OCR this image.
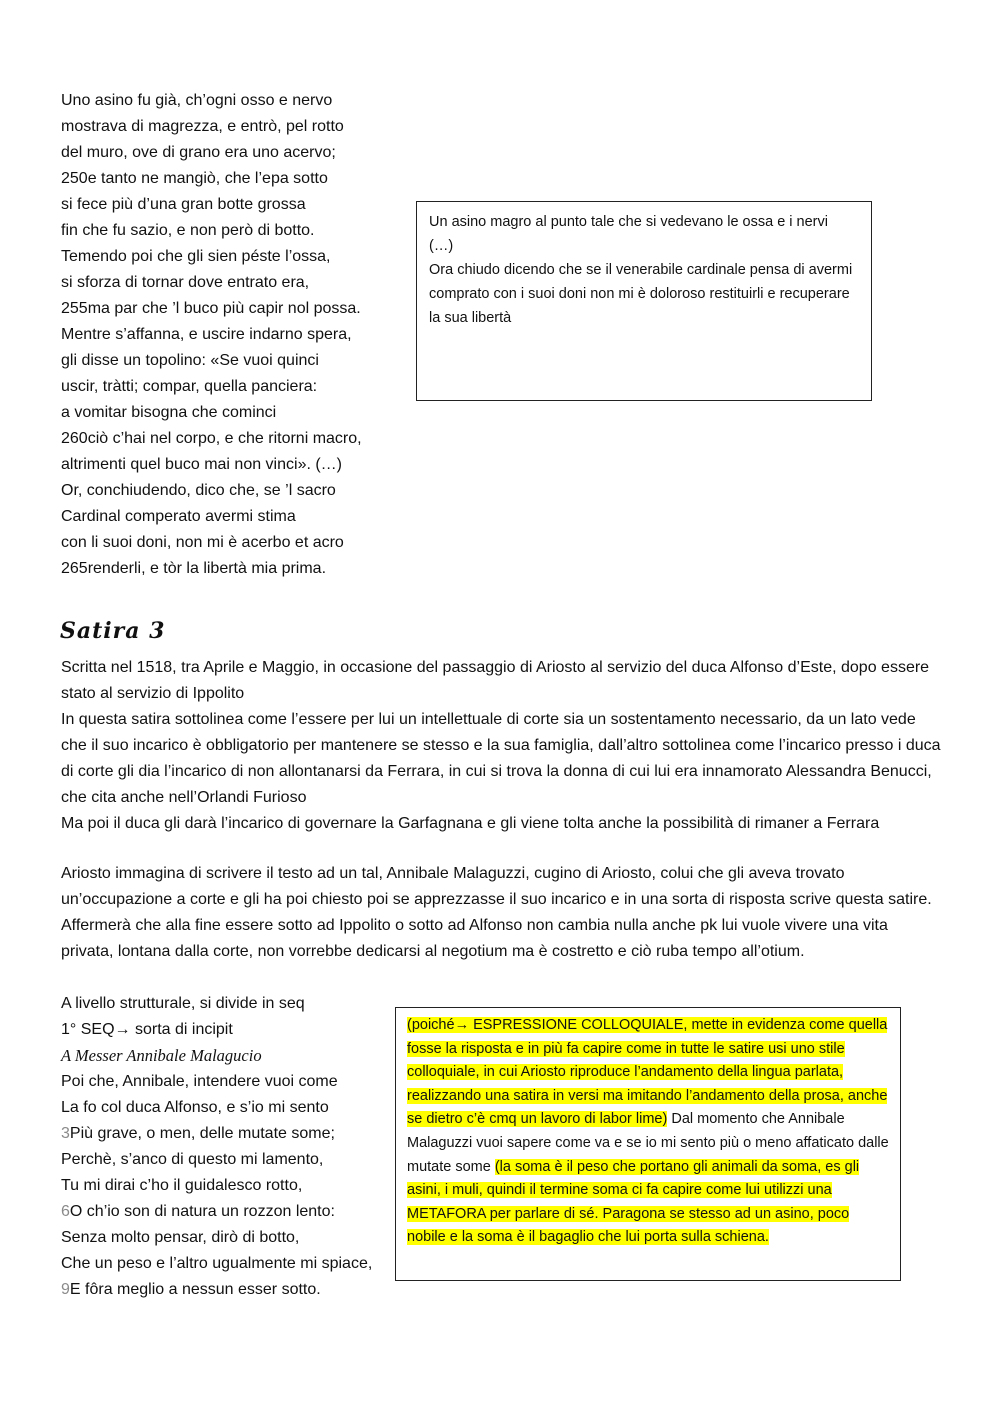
Uno asino fu già, ch’ogni osso e nervo
mostrava di magrezza, e entrò, pel rotto
del muro, ove di grano era uno acervo;
250e tanto ne mangiò, che l’epa sotto
si fece più d’una gran botte grossa
fin che fu sazio, e non però di botto.
Temendo poi che gli sien péste l’ossa,
si sforza di tornar dove entrato era,
255ma par che ’l buco più capir nol possa.
Mentre s’affanna, e uscire indarno spera,
gli disse un topolino: «Se vuoi quinci
uscir, tràtti; compar, quella panciera:
a vomitar bisogna che cominci
260ciò c’hai nel corpo, e che ritorni macro,
altrimenti quel buco mai non vinci». (…)
Or, conchiudendo, dico che, se ’l sacro
Cardinal comperato avermi stima
con li suoi doni, non mi è acerbo et acro
265renderli, e tòr la libertà mia prima.
Un asino magro al punto tale che si vedevano le ossa e i nervi
(…)
Ora chiudo dicendo che se il venerabile cardinale pensa di avermi comprato con i suoi doni non mi è doloroso restituirli e recuperare la sua libertà
Satira 3
Scritta nel 1518, tra Aprile e Maggio, in occasione del passaggio di Ariosto al servizio del duca Alfonso d’Este, dopo essere stato al servizio di Ippolito
In questa satira sottolinea come l’essere per lui un intellettuale di corte sia un sostentamento necessario, da un lato vede che il suo incarico è obbligatorio per mantenere se stesso e la sua famiglia, dall’altro sottolinea come l’incarico presso i duca di corte gli dia l’incarico di non allontanarsi da Ferrara, in cui si trova la donna di cui lui era innamorato Alessandra Benucci, che cita anche nell’Orlandi Furioso
Ma poi il duca gli darà l’incarico di governare la Garfagnana e gli viene tolta anche la possibilità di rimaner a Ferrara
Ariosto immagina di scrivere il testo ad un tal, Annibale Malaguzzi, cugino di Ariosto, colui che gli aveva trovato un’occupazione a corte e gli ha poi chiesto poi se apprezzasse il suo incarico e in una sorta di risposta scrive questa satire. Affermerà che alla fine essere sotto ad Ippolito o sotto ad Alfonso non cambia nulla anche pk lui vuole vivere una vita privata, lontana dalla corte, non vorrebbe dedicarsi al negotium ma è costretto e ciò ruba tempo all’otium.
A livello strutturale, si divide in seq
1° SEQ→ sorta di incipit
A Messer Annibale Malagucio
Poi che, Annibale, intendere vuoi come
La fo col duca Alfonso, e s’io mi sento
3Più grave, o men, delle mutate some;
Perchè, s’anco di questo mi lamento,
Tu mi dirai c’ho il guidalesco rotto,
6O ch’io son di natura un rozzon lento:
Senza molto pensar, dirò di botto,
Che un peso e l’altro ugualmente mi spiace,
9E fôra meglio a nessun esser sotto.
(poiché→ ESPRESSIONE COLLOQUIALE, mette in evidenza come quella fosse la risposta e in più fa capire come in tutte le satire usi uno stile colloquiale, in cui Ariosto riproduce l’andamento della lingua parlata, realizzando una satira in versi ma imitando l’andamento della prosa, anche se dietro c’è cmq un lavoro di labor lime) Dal momento che Annibale Malaguzzi vuoi sapere come va e se io mi sento più o meno affaticato dalle mutate some (la soma è il peso che portano gli animali da soma, es gli asini, i muli, quindi il termine soma ci fa capire come lui utilizzi una METAFORA per parlare di sé. Paragona se stesso ad un asino, poco nobile e la soma è il bagaglio che lui porta sulla schiena.
